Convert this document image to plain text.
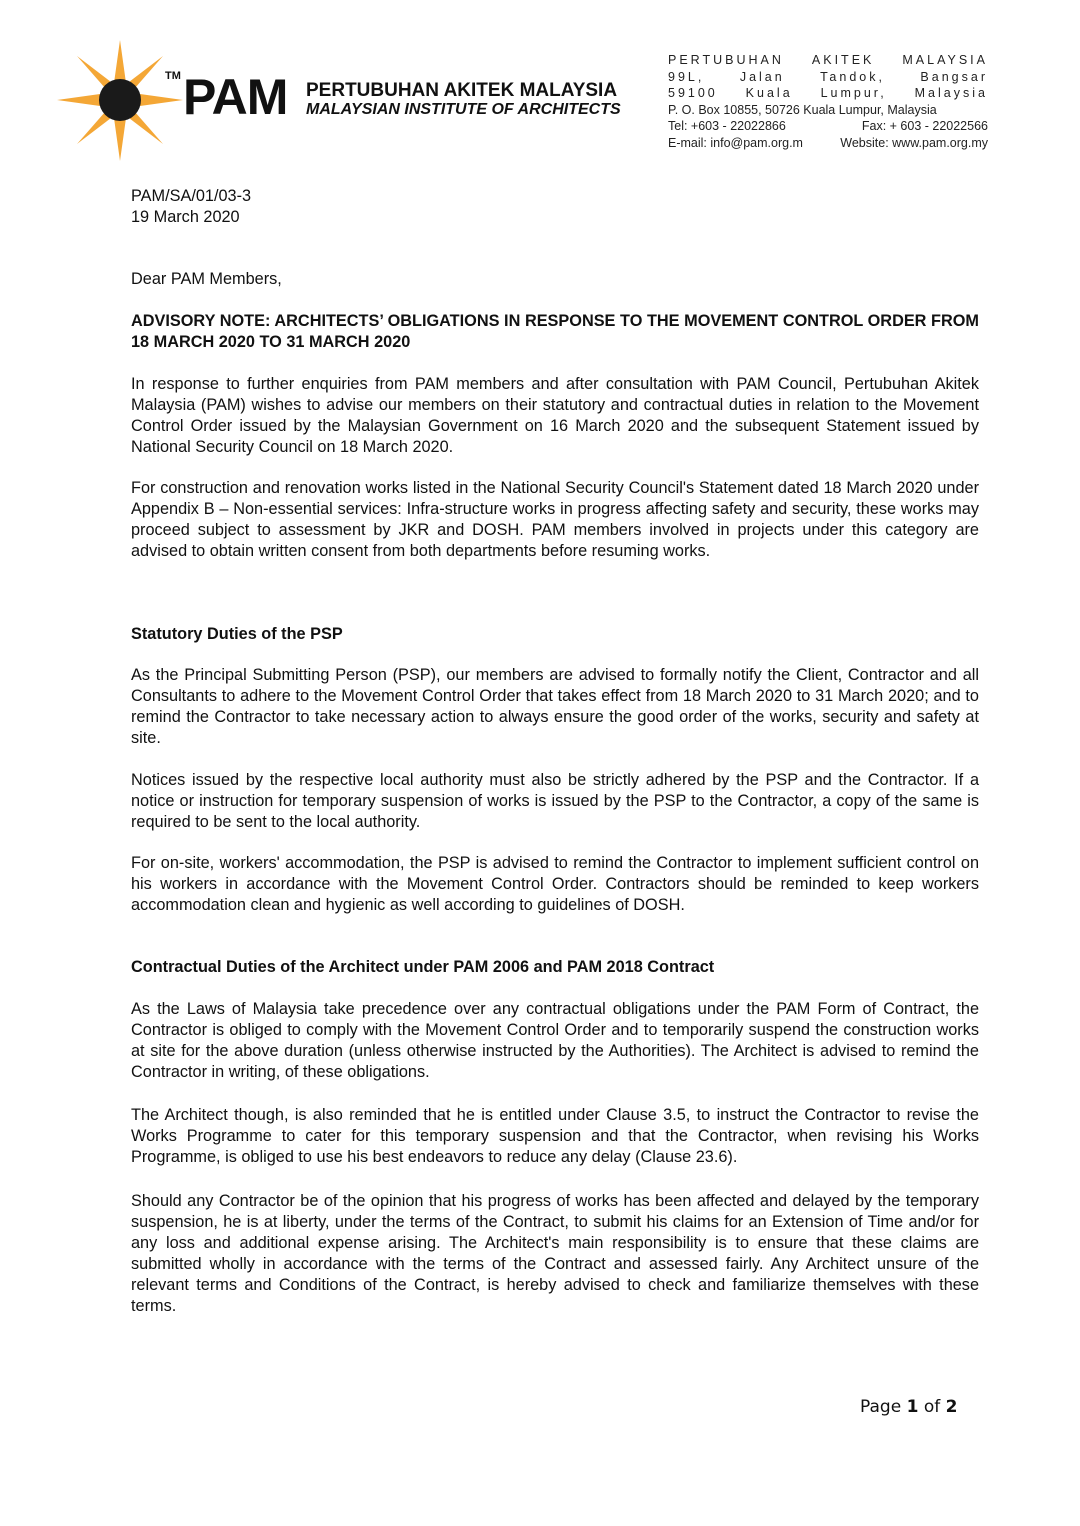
TM PAM PERTUBUHAN AKITEK MALAYSIA
MALAYSIAN INSTITUTE OF ARCHITECTS
PERTUBUHAN AKITEK MALAYSIA
99L,	Jalan	Tandok,	Bangsar
59100 Kuala Lumpur, Malaysia
P. O. Box 10855, 50726 Kuala Lumpur, Malaysia
Tel: +603 - 22022866	Fax: + 603 - 22022566
E-mail: info@pam.org.m	Website: www.pam.org.my
PAM/SA/01/03-3
19 March 2020
Dear PAM Members,

ADVISORY NOTE: ARCHITECTS’ OBLIGATIONS IN RESPONSE TO THE MOVEMENT CONTROL ORDER FROM 18 MARCH 2020 TO 31 MARCH 2020

In response to further enquiries from PAM members and after consultation with PAM Council, Pertubuhan Akitek Malaysia (PAM) wishes to advise our members on their statutory and contractual duties in relation to the Movement Control Order issued by the Malaysian Government on 16 March 2020 and the subsequent Statement issued by National Security Council on 18 March 2020.

For construction and renovation works listed in the National Security Council's Statement dated 18 March 2020 under Appendix B – Non-essential services: Infra-structure works in progress affecting safety and security, these works may proceed subject to assessment by JKR and DOSH. PAM members involved in projects under this category are advised to obtain written consent from both departments before resuming works.

Statutory Duties of the PSP

As the Principal Submitting Person (PSP), our members are advised to formally notify the Client, Contractor and all Consultants to adhere to the Movement Control Order that takes effect from 18 March 2020 to 31 March 2020; and to remind the Contractor to take necessary action to always ensure the good order of the works, security and safety at site.

Notices issued by the respective local authority must also be strictly adhered by the PSP and the Contractor. If a notice or instruction for temporary suspension of works is issued by the PSP to the Contractor, a copy of the same is required to be sent to the local authority.

For on-site, workers' accommodation, the PSP is advised to remind the Contractor to implement sufficient control on his workers in accordance with the Movement Control Order. Contractors should be reminded to keep workers accommodation clean and hygienic as well according to guidelines of DOSH.

Contractual Duties of the Architect under PAM 2006 and PAM 2018 Contract

As the Laws of Malaysia take precedence over any contractual obligations under the PAM Form of Contract, the Contractor is obliged to comply with the Movement Control Order and to temporarily suspend the construction works at site for the above duration (unless otherwise instructed by the Authorities). The Architect is advised to remind the Contractor in writing, of these obligations.

The Architect though, is also reminded that he is entitled under Clause 3.5, to instruct the Contractor to revise the Works Programme to cater for this temporary suspension and that the Contractor, when revising his Works Programme, is obliged to use his best endeavors to reduce any delay (Clause 23.6).

Should any Contractor be of the opinion that his progress of works has been affected and delayed by the temporary suspension, he is at liberty, under the terms of the Contract, to submit his claims for an Extension of Time and/or for any loss and additional expense arising. The Architect's main responsibility is to ensure that these claims are submitted wholly in accordance with the terms of the Contract and assessed fairly. Any Architect unsure of the relevant terms and Conditions of the Contract, is hereby advised to check and familiarize themselves with these terms.

Page 1 of 2
